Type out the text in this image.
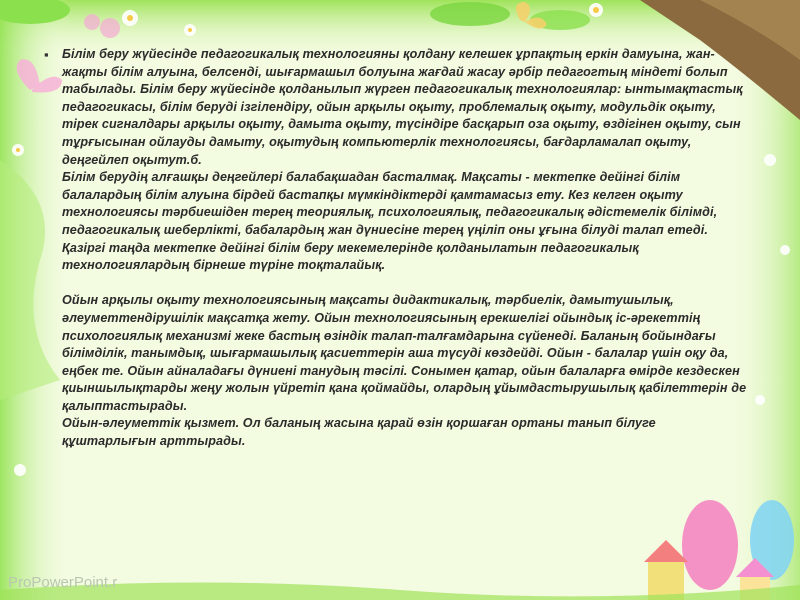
▪ Білім беру жүйесінде педагогикалық технологияны қолдану келешек ұрпақтың еркін дамуына, жан-жақты білім алуына, белсенді, шығармашыл болуына жағдай жасау әрбір педагогтың міндеті болып табылады. Білім беру жүйесінде қолданылып жүрген педагогикалық технологиялар: ынтымақтастық педагогикасы, білім беруді ізгілендіру, ойын арқылы оқыту, проблемалық оқыту, модульдік оқыту, тірек сигналдары арқылы оқыту, дамыта оқыту, түсіндіре басқарып оза оқыту, өздігінен оқыту, сын тұрғысынан ойлауды дамыту, оқытудың компьютерлік технологиясы, бағдарламалап оқыту, деңгейлеп оқытут.б.

Білім берудің алғашқы деңгейлері балабақшадан басталмақ. Мақсаты - мектепке дейінгі білім балалардың білім алуына бірдей бастапқы мүмкіндіктерді қамтамасыз ету. Кез келген оқыту технологиясы тәрбиешіден терең теориялық, психологиялық, педагогикалық әдістемелік білімді, педагогикалық шеберлікті, бабалардың жан дүниесіне терең үңіліп оны ұғына білуді талап етеді.

Қазіргі таңда мектепке дейінгі білім беру мекемелерінде қолданылатын педагогикалық технологиялардың бірнеше түріне тоқталайық.

Ойын арқылы оқыту технологиясының мақсаты дидактикалық, тәрбиелік, дамытушылық, әлеуметтендірушілік мақсатқа жету. Ойын технологиясының ерекшелігі ойындық іс-әрекеттің психологиялық механизмі жеке бастың өзіндік талап-талғамдарына сүйенеді. Баланың бойындағы білімділік, танымдық, шығармашылық қасиеттерін аша түсуді көздейді. Ойын - балалар үшін оқу да, еңбек те. Ойын айналадағы дүниені танудың тәсілі. Сонымен қатар, ойын балаларға өмірде кездескен қиыншылықтарды жеңу жолын үйретіп қана қоймайды, олардың ұйымдастырушылық қабілеттерін де қалыптастырады.

Ойын-әлеуметтік қызмет. Ол баланың жасына қарай өзін қоршаған ортаны танып білуге құштарлығын арттырады.

ProPowerPoint.r
